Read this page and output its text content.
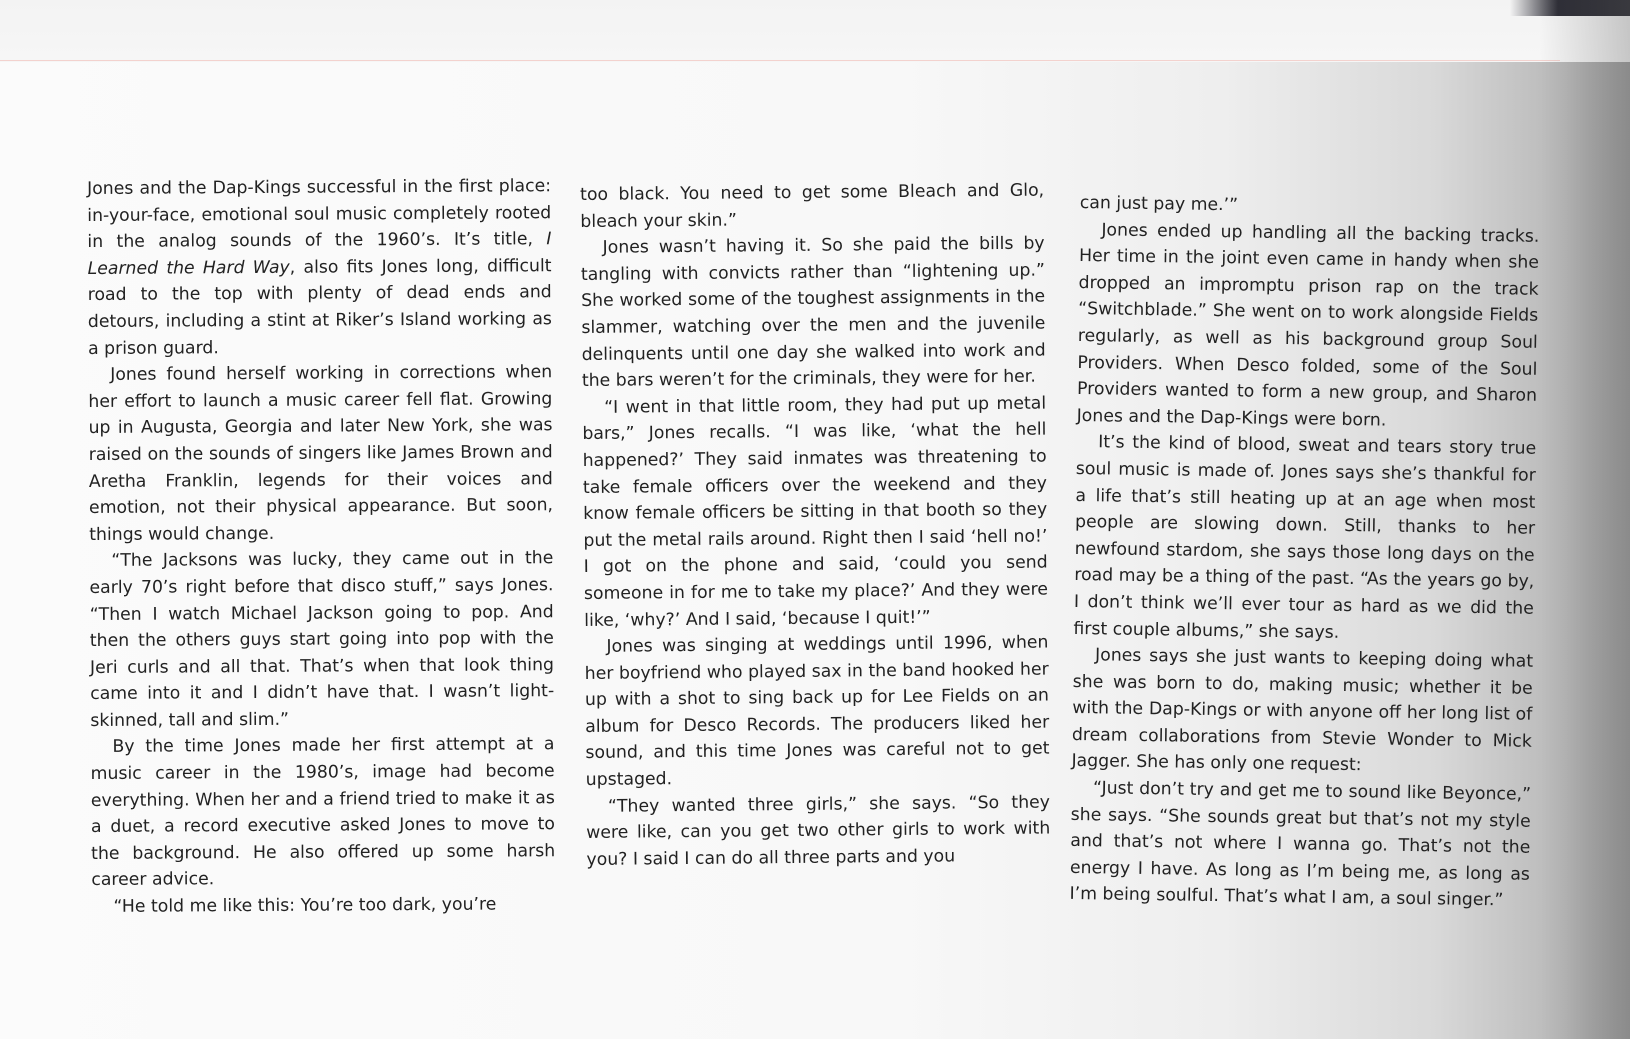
Jones and the Dap-Kings successful in the first place: in-your-face, emotional soul music completely rooted in the analog sounds of the 1960’s. It’s title, I Learned the Hard Way, also fits Jones long, difficult road to the top with plenty of dead ends and detours, including a stint at Riker’s Island working as a prison guard.

Jones found herself working in corrections when her effort to launch a music career fell flat. Growing up in Augusta, Georgia and later New York, she was raised on the sounds of singers like James Brown and Aretha Franklin, legends for their voices and emotion, not their physical appearance. But soon, things would change.

“The Jacksons was lucky, they came out in the early 70’s right before that disco stuff,” says Jones. “Then I watch Michael Jackson going to pop. And then the others guys start going into pop with the Jeri curls and all that. That’s when that look thing came into it and I didn’t have that. I wasn’t light-skinned, tall and slim.”

By the time Jones made her first attempt at a music career in the 1980’s, image had become everything. When her and a friend tried to make it as a duet, a record executive asked Jones to move to the background. He also offered up some harsh career advice.

“He told me like this: You’re too dark, you’re

too black. You need to get some Bleach and Glo, bleach your skin.”

Jones wasn’t having it. So she paid the bills by tangling with convicts rather than “lightening up.” She worked some of the toughest assignments in the slammer, watching over the men and the juvenile delinquents until one day she walked into work and the bars weren’t for the criminals, they were for her.

“I went in that little room, they had put up metal bars,” Jones recalls. “I was like, ‘what the hell happened?’ They said inmates was threatening to take female officers over the weekend and they know female officers be sitting in that booth so they put the metal rails around. Right then I said ‘hell no!’ I got on the phone and said, ‘could you send someone in for me to take my place?’ And they were like, ‘why?’ And I said, ‘because I quit!’”

Jones was singing at weddings until 1996, when her boyfriend who played sax in the band hooked her up with a shot to sing back up for Lee Fields on an album for Desco Records. The producers liked her sound, and this time Jones was careful not to get upstaged.

“They wanted three girls,” she says. “So they were like, can you get two other girls to work with you? I said I can do all three parts and you

can just pay me.’”

Jones ended up handling all the backing tracks. Her time in the joint even came in handy when she dropped an impromptu prison rap on the track “Switchblade.” She went on to work alongside Fields regularly, as well as his background group Soul Providers. When Desco folded, some of the Soul Providers wanted to form a new group, and Sharon Jones and the Dap-Kings were born.

It’s the kind of blood, sweat and tears story true soul music is made of. Jones says she’s thankful for a life that’s still heating up at an age when most people are slowing down. Still, thanks to her newfound stardom, she says those long days on the road may be a thing of the past. “As the years go by, I don’t think we’ll ever tour as hard as we did the first couple albums,” she says.

Jones says she just wants to keeping doing what she was born to do, making music; whether it be with the Dap-Kings or with anyone off her long list of dream collaborations from Stevie Wonder to Mick Jagger. She has only one request:

“Just don’t try and get me to sound like Beyonce,” she says. “She sounds great but that’s not my style and that’s not where I wanna go. That’s not the energy I have. As long as I’m being me, as long as I’m being soulful. That’s what I am, a soul singer.”
